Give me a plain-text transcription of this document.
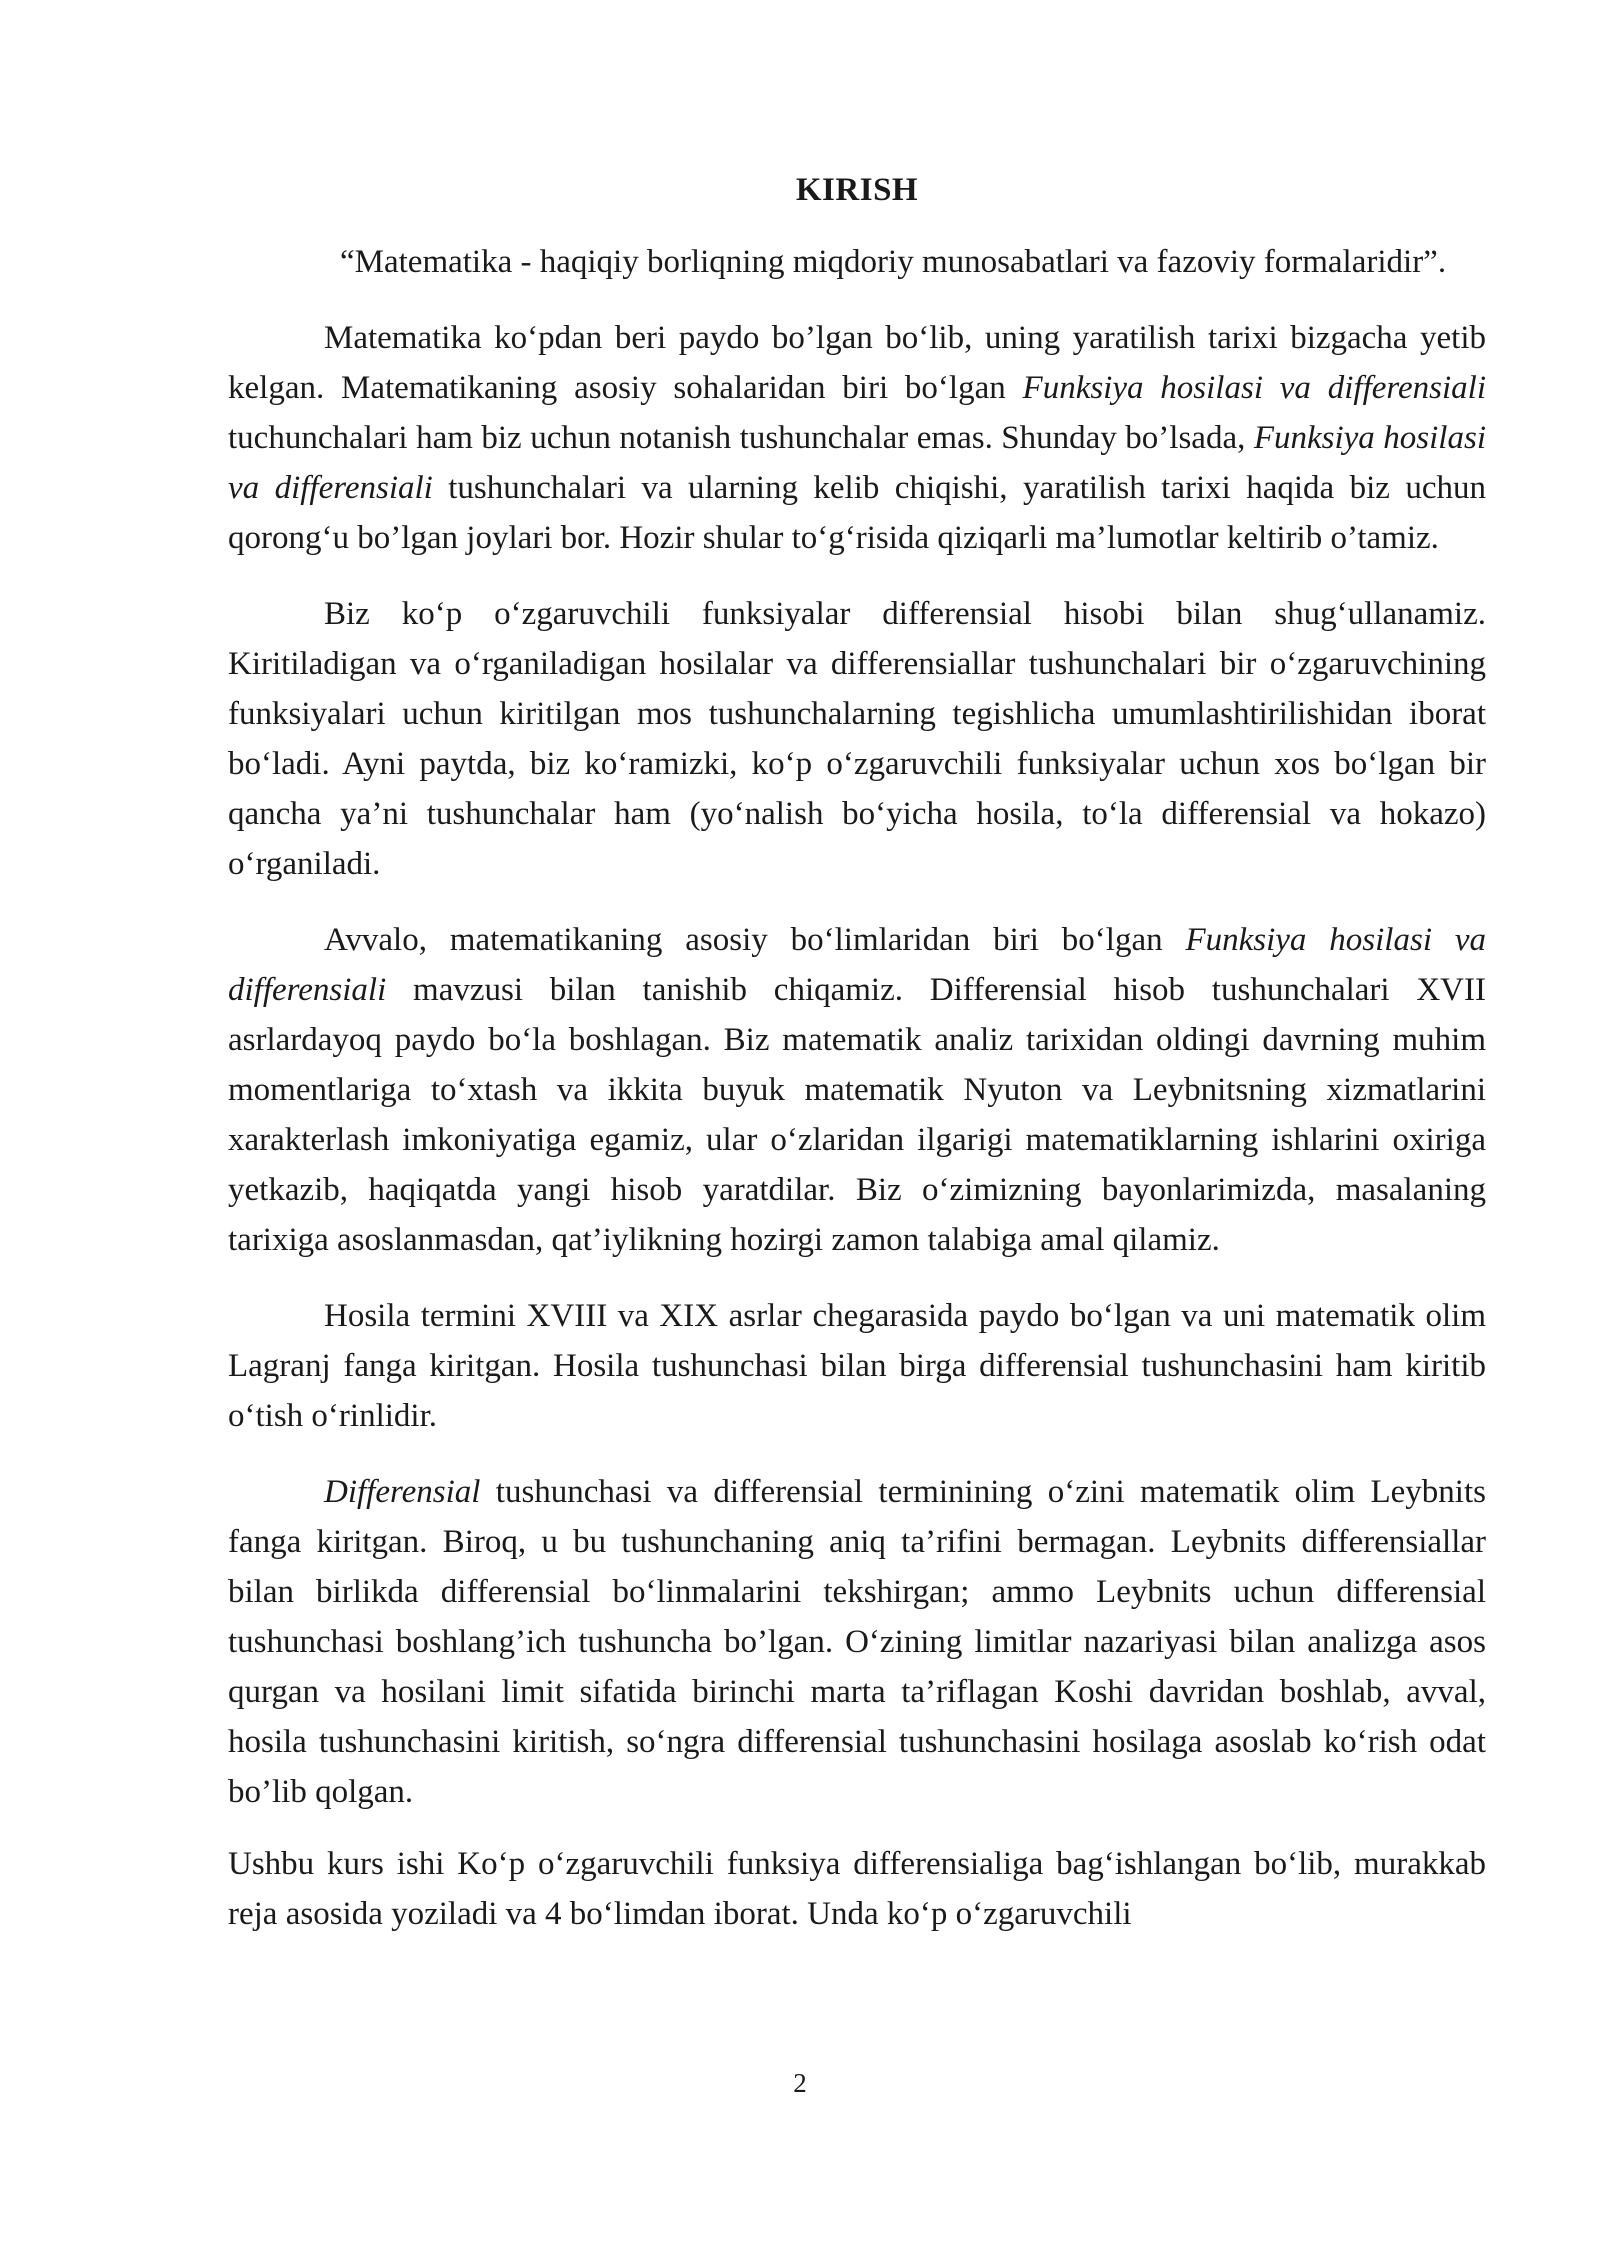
KIRISH

“Matematika - haqiqiy borliqning miqdoriy munosabatlari va fazoviy formalaridir”.

Matematika ko‘pdan beri paydo bo’lgan bo‘lib, uning yaratilish tarixi bizgacha yetib kelgan. Matematikaning asosiy sohalaridan biri bo‘lgan Funksiya hosilasi va differensiali tuchunchalari ham biz uchun notanish tushunchalar emas. Shunday bo’lsada, Funksiya hosilasi va differensiali tushunchalari va ularning kelib chiqishi, yaratilish tarixi haqida biz uchun qorong‘u bo’lgan joylari bor. Hozir shular to‘g‘risida qiziqarli ma’lumotlar keltirib o’tamiz.

Biz ko‘p o‘zgaruvchili funksiyalar differensial hisobi bilan shug‘ullanamiz. Kiritiladigan va o‘rganiladigan hosilalar va differensiallar tushunchalari bir o‘zgaruvchining funksiyalari uchun kiritilgan mos tushunchalarning tegishlicha umumlashtirilishidan iborat bo‘ladi. Ayni paytda, biz ko‘ramizki, ko‘p o‘zgaruvchili funksiyalar uchun xos bo‘lgan bir qancha ya’ni tushunchalar ham (yo‘nalish bo‘yicha hosila, to‘la differensial va hokazo) o‘rganiladi.

Avvalo, matematikaning asosiy bo‘limlaridan biri bo‘lgan Funksiya hosilasi va differensiali mavzusi bilan tanishib chiqamiz. Differensial hisob tushunchalari XVII asrlardayoq paydo bo‘la boshlagan. Biz matematik analiz tarixidan oldingi davrning muhim momentlariga to‘xtash va ikkita buyuk matematik Nyuton va Leybnitsning xizmatlarini xarakterlash imkoniyatiga egamiz, ular o‘zlaridan ilgarigi matematiklarning ishlarini oxiriga yetkazib, haqiqatda yangi hisob yaratdilar. Biz o‘zimizning bayonlarimizda, masalaning tarixiga asoslanmasdan, qat’iylikning hozirgi zamon talabiga amal qilamiz.

Hosila termini XVIII va XIX asrlar chegarasida paydo bo‘lgan va uni matematik olim Lagranj fanga kiritgan. Hosila tushunchasi bilan birga differensial tushunchasini ham kiritib o‘tish o‘rinlidir.

Differensial tushunchasi va differensial terminining o‘zini matematik olim Leybnits fanga kiritgan. Biroq, u bu tushunchaning aniq ta’rifini bermagan. Leybnits differensiallar bilan birlikda differensial bo‘linmalarini tekshirgan; ammo Leybnits uchun differensial tushunchasi boshlang’ich tushuncha bo’lgan. O‘zining limitlar nazariyasi bilan analizga asos qurgan va hosilani limit sifatida birinchi marta ta’riflagan Koshi davridan boshlab, avval, hosila tushunchasini kiritish, so‘ngra differensial tushunchasini hosilaga asoslab ko‘rish odat bo’lib qolgan.

Ushbu kurs ishi Ko‘p o‘zgaruvchili funksiya differensialiga bag‘ishlangan bo‘lib, murakkab reja asosida yoziladi va 4 bo‘limdan iborat. Unda ko‘p o‘zgaruvchili

2
